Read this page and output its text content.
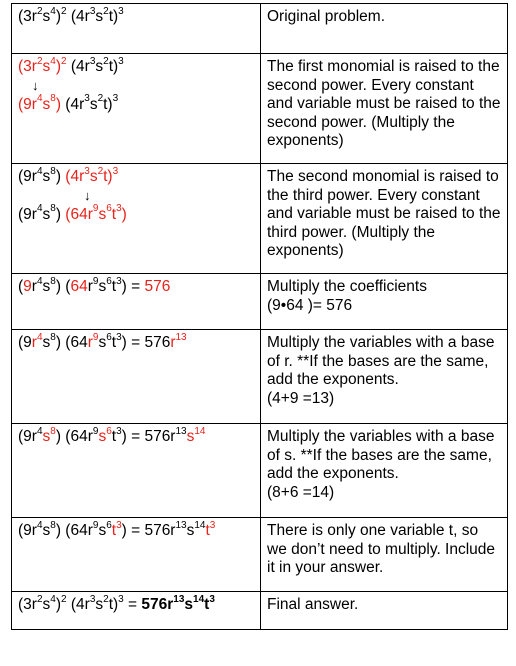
$(3r^2s^4)^2$ $(4r^3s^2t)^3$	Original problem.

$(3r^2s^4)^2$ $(4r^3s^2t)^3$
↓
$(9r^4s^8)$ $(4r^3s^2t)^3$	The first monomial is raised to the second power. Every constant and variable must be raised to the second power. (Multiply the exponents)

$(9r^4s^8)$ $(4r^3s^2t)^3$
↓
$(9r^4s^8)$ $(64r^9s^6t^3)$	The second monomial is raised to the third power. Every constant and variable must be raised to the third power. (Multiply the exponents)

$(9r^4s^8) (64r^9s^6t^3) = 576$	Multiply the coefficients
(9•64 )= 576

$(9r^4s^8) (64r^9s^6t^3) = 576r^{13}$	Multiply the variables with a base of r. **If the bases are the same, add the exponents.
(4+9 =13)

$(9r^4s^8) (64r^9s^6t^3) = 576r^{13}s^{14}$	Multiply the variables with a base of s. **If the bases are the same, add the exponents.
(8+6 =14)

$(9r^4s^8) (64r^9s^6t^3) = 576r^{13}s^{14}t^3$	There is only one variable t, so we don’t need to multiply. Include it in your answer.

$(3r^2s^4)^2$ $(4r^3s^2t)^3 = 576r^{13}s^{14}t^3$	Final answer.
